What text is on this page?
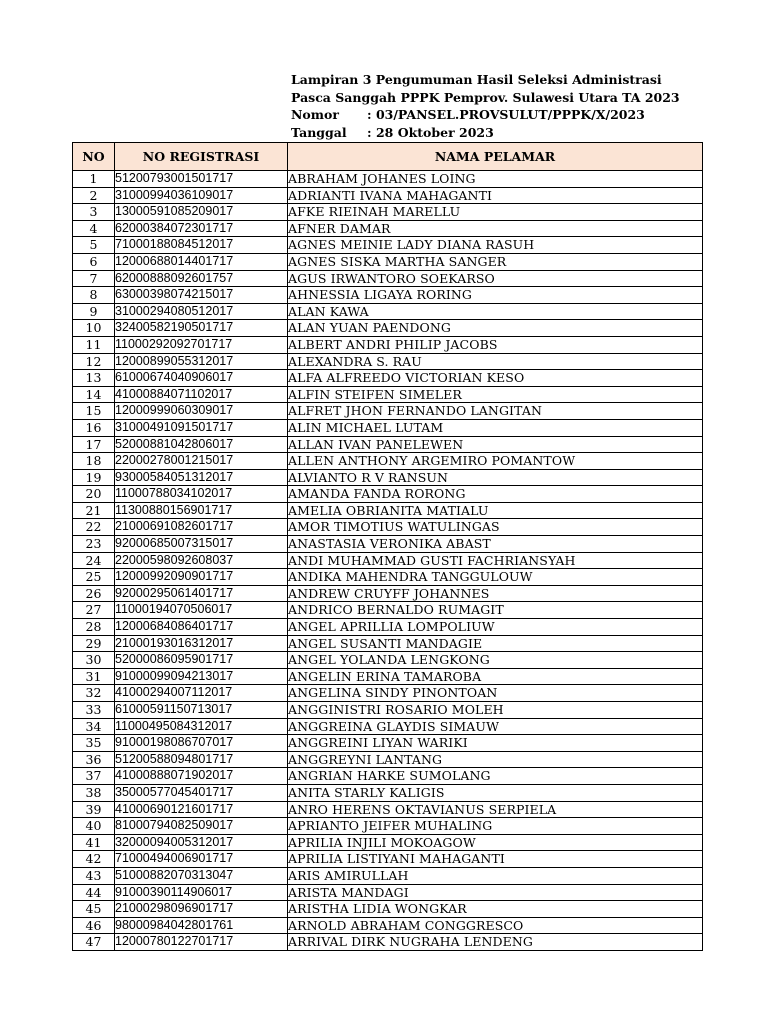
Lampiran 3 Pengumuman Hasil Seleksi Administrasi
Pasca Sanggah PPPK Pemprov. Sulawesi Utara TA 2023
Nomor : 03/PANSEL.PROVSULUT/PPPK/X/2023
Tanggal : 28 Oktober 2023
NO	NO REGISTRASI	NAMA PELAMAR
1	51200793001501717	ABRAHAM JOHANES LOING
2	31000994036109017	ADRIANTI IVANA MAHAGANTI
3	13000591085209017	AFKE RIEINAH MARELLU
4	62000384072301717	AFNER DAMAR
5	71000188084512017	AGNES MEINIE LADY DIANA RASUH
6	12000688014401717	AGNES SISKA MARTHA SANGER
7	62000888092601757	AGUS IRWANTORO SOEKARSO
8	63000398074215017	AHNESSIA LIGAYA RORING
9	31000294080512017	ALAN KAWA
10	32400582190501717	ALAN YUAN PAENDONG
11	11000292092701717	ALBERT ANDRI PHILIP JACOBS
12	12000899055312017	ALEXANDRA S. RAU
13	61000674040906017	ALFA ALFREEDO VICTORIAN KESO
14	41000884071102017	ALFIN STEIFEN SIMELER
15	12000999060309017	ALFRET JHON FERNANDO LANGITAN
16	31000491091501717	ALIN MICHAEL LUTAM
17	52000881042806017	ALLAN IVAN PANELEWEN
18	22000278001215017	ALLEN ANTHONY ARGEMIRO POMANTOW
19	93000584051312017	ALVIANTO R V RANSUN
20	11000788034102017	AMANDA FANDA RORONG
21	11300880156901717	AMELIA OBRIANITA MATIALU
22	21000691082601717	AMOR TIMOTIUS WATULINGAS
23	92000685007315017	ANASTASIA VERONIKA ABAST
24	22000598092608037	ANDI MUHAMMAD GUSTI FACHRIANSYAH
25	12000992090901717	ANDIKA MAHENDRA TANGGULOUW
26	92000295061401717	ANDREW CRUYFF JOHANNES
27	11000194070506017	ANDRICO BERNALDO RUMAGIT
28	12000684086401717	ANGEL APRILLIA LOMPOLIUW
29	21000193016312017	ANGEL SUSANTI MANDAGIE
30	52000086095901717	ANGEL YOLANDA LENGKONG
31	91000099094213017	ANGELIN ERINA TAMAROBA
32	41000294007112017	ANGELINA SINDY PINONTOAN
33	61000591150713017	ANGGINISTRI ROSARIO MOLEH
34	11000495084312017	ANGGREINA GLAYDIS SIMAUW
35	91000198086707017	ANGGREINI LIYAN WARIKI
36	51200588094801717	ANGGREYNI LANTANG
37	41000888071902017	ANGRIAN HARKE SUMOLANG
38	35000577045401717	ANITA STARLY KALIGIS
39	41000690121601717	ANRO HERENS OKTAVIANUS SERPIELA
40	81000794082509017	APRIANTO JEIFER MUHALING
41	32000094005312017	APRILIA INJILI MOKOAGOW
42	71000494006901717	APRILIA LISTIYANI MAHAGANTI
43	51000882070313047	ARIS AMIRULLAH
44	91000390114906017	ARISTA MANDAGI
45	21000298096901717	ARISTHA LIDIA WONGKAR
46	98000984042801761	ARNOLD ABRAHAM CONGGRESCO
47	12000780122701717	ARRIVAL DIRK NUGRAHA LENDENG
